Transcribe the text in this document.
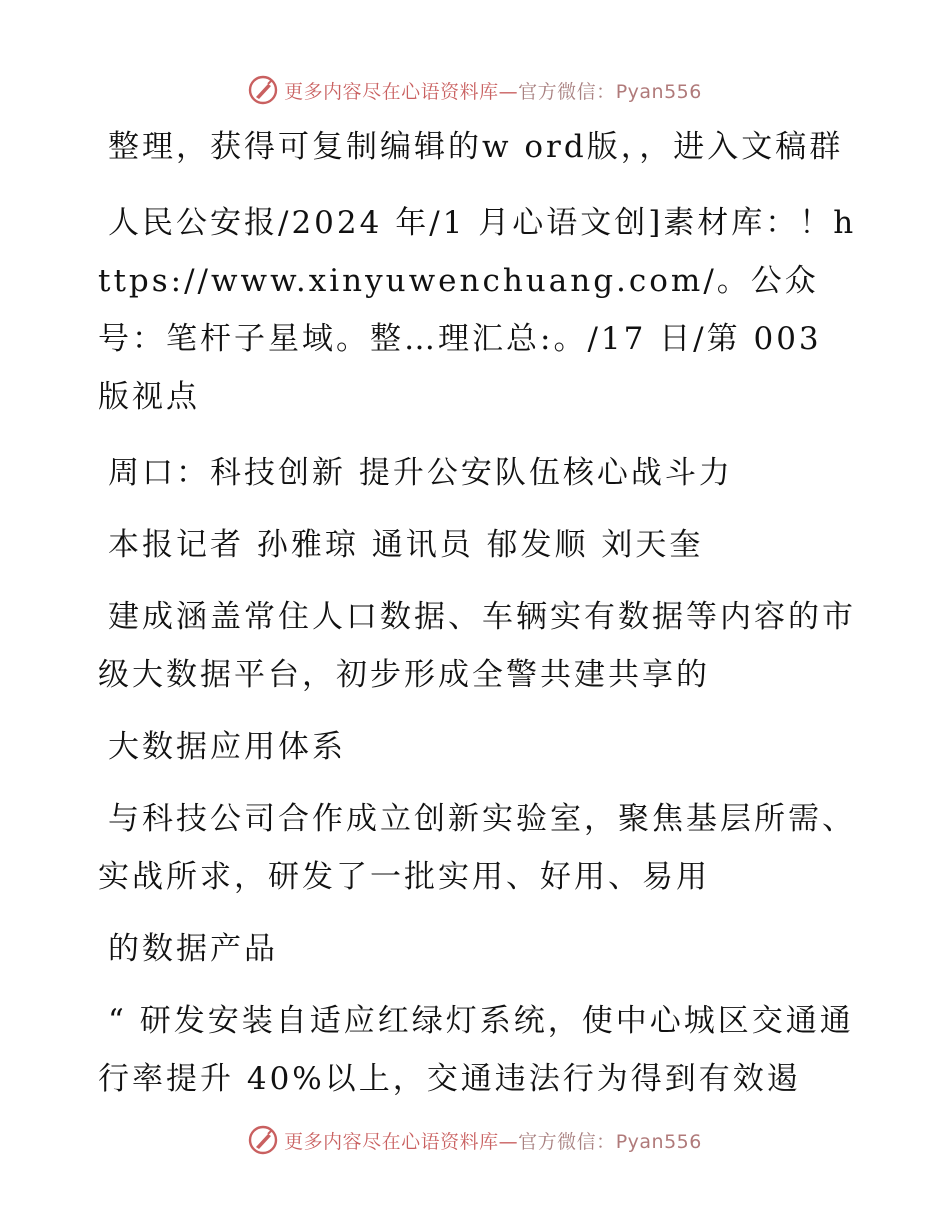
更多内容尽在心语资料库—官方微信：Pyan556

整理，获得可复制编辑的w ord版，，进入文稿群

人民公安报/2024 年/1 月心语文创]素材库：！https://www.xinyuwenchuang.com/。公众号：笔杆子星域。整…理汇总:。/17 日/第 003 版视点

周口：科技创新 提升公安队伍核心战斗力

本报记者 孙雅琼 通讯员 郁发顺 刘天奎

建成涵盖常住人口数据、车辆实有数据等内容的市级大数据平台，初步形成全警共建共享的

大数据应用体系

与科技公司合作成立创新实验室，聚焦基层所需、实战所求，研发了一批实用、好用、易用

的数据产品

“ 研发安装自适应红绿灯系统，使中心城区交通通行率提升 40%以上，交通违法行为得到有效遏

更多内容尽在心语资料库—官方微信：Pyan556
